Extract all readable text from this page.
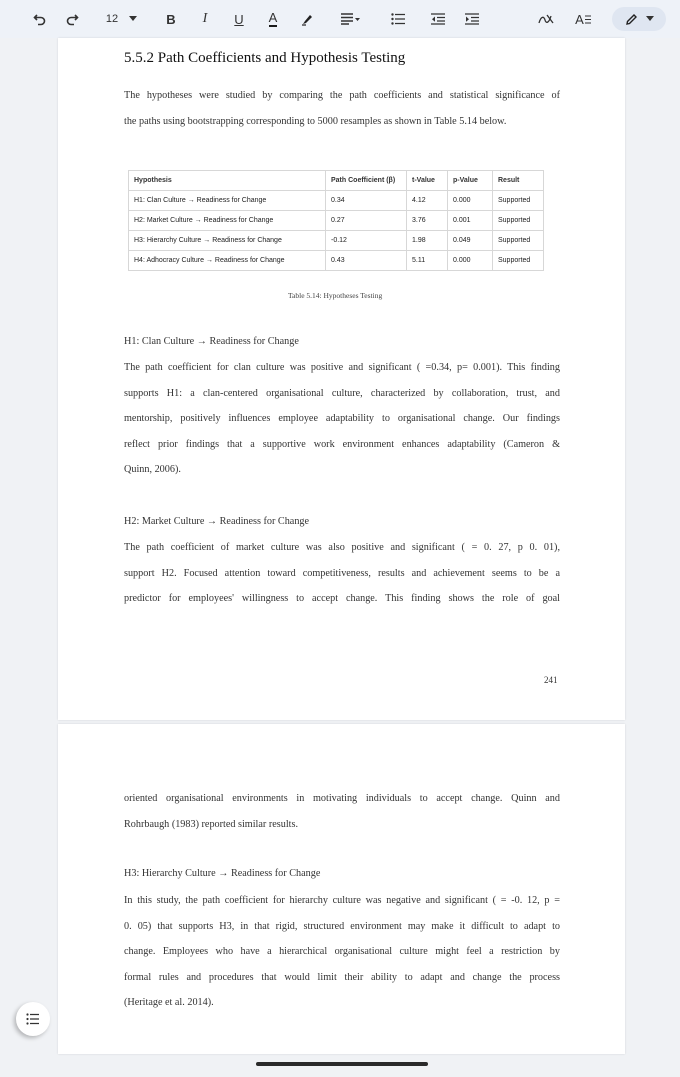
12	B	I	U	A	A
5.5.2 Path Coefficients and Hypothesis Testing
The hypotheses were studied by comparing the path coefficients and statistical significance of
the paths using bootstrapping corresponding to 5000 resamples as shown in Table 5.14 below.
Hypothesis	Path Coefficient (β)	t-Value	p-Value	Result
H1: Clan Culture → Readiness for Change	0.34	4.12	0.000	Supported
H2: Market Culture → Readiness for Change	0.27	3.76	0.001	Supported
H3: Hierarchy Culture → Readiness for Change	-0.12	1.98	0.049	Supported
H4: Adhocracy Culture → Readiness for Change	0.43	5.11	0.000	Supported
Table 5.14: Hypotheses Testing
H1: Clan Culture → Readiness for Change
The path coefficient for clan culture was positive and significant ( =0.34, p= 0.001). This finding
supports H1: a clan-centered organisational culture, characterized by collaboration, trust, and
mentorship, positively influences employee adaptability to organisational change. Our findings
reflect prior findings that a supportive work environment enhances adaptability (Cameron &
Quinn, 2006).
H2: Market Culture → Readiness for Change
The path coefficient of market culture was also positive and significant ( = 0. 27, p 0. 01),
support H2. Focused attention toward competitiveness, results and achievement seems to be a
predictor for employees' willingness to accept change. This finding shows the role of goal
241
oriented organisational environments in motivating individuals to accept change. Quinn and
Rohrbaugh (1983) reported similar results.
H3: Hierarchy Culture → Readiness for Change
In this study, the path coefficient for hierarchy culture was negative and significant ( = -0. 12, p =
0. 05) that supports H3, in that rigid, structured environment may make it difficult to adapt to
change. Employees who have a hierarchical organisational culture might feel a restriction by
formal rules and procedures that would limit their ability to adapt and change the process
(Heritage et al. 2014).
